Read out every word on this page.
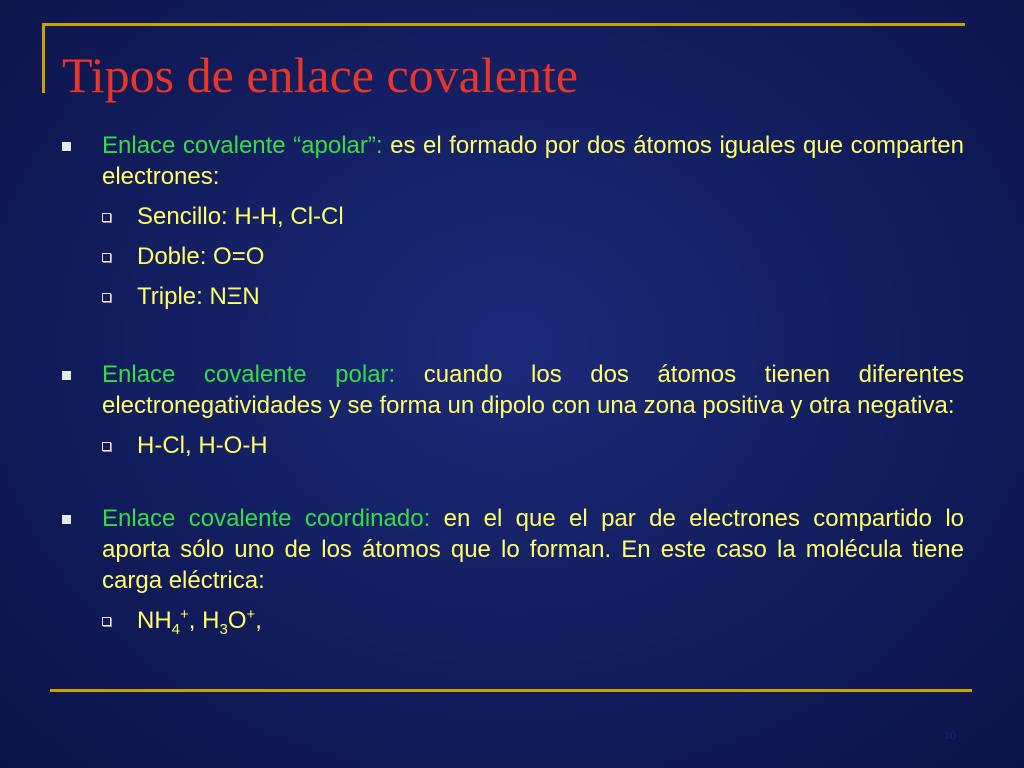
Tipos de enlace covalente

Enlace covalente “apolar”: es el formado por dos átomos iguales que comparten electrones:

Sencillo: H-H, Cl-Cl

Doble: O=O

Triple: NΞN

Enlace covalente polar: cuando los dos átomos tienen diferentes electronegatividades y se forma un dipolo con una zona positiva y otra negativa:

H-Cl, H-O-H

Enlace covalente coordinado: en el que el par de electrones compartido lo aporta sólo uno de los átomos que lo forman. En este caso la molécula tiene carga eléctrica:

$NH_4^+$, $H_3O^+$,

10
